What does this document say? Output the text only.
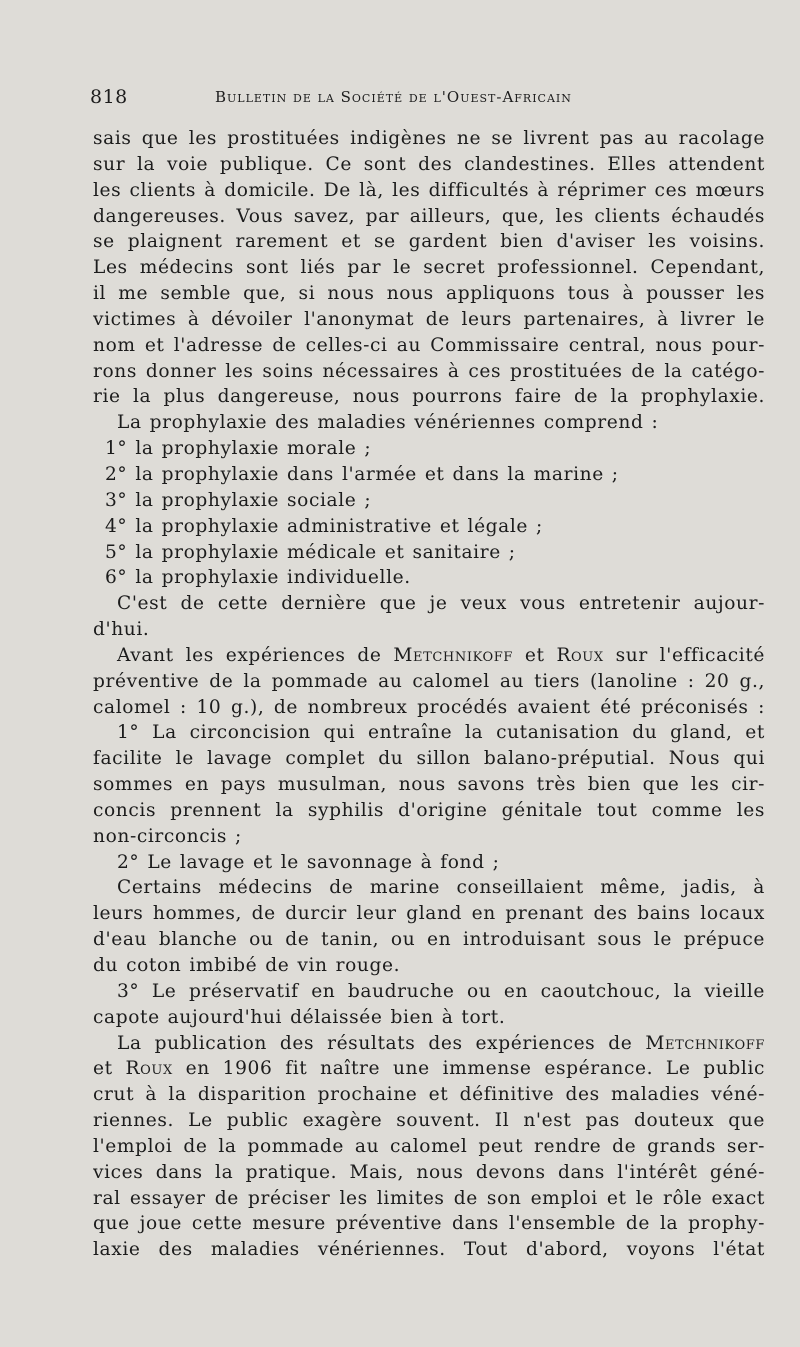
818	Bulletin de la Société de l'Ouest-Africain
sais que les prostituées indigènes ne se livrent pas au racolage
sur la voie publique. Ce sont des clandestines. Elles attendent
les clients à domicile. De là, les difficultés à réprimer ces mœurs
dangereuses. Vous savez, par ailleurs, que, les clients échaudés
se plaignent rarement et se gardent bien d'aviser les voisins.
Les médecins sont liés par le secret professionnel. Cependant,
il me semble que, si nous nous appliquons tous à pousser les
victimes à dévoiler l'anonymat de leurs partenaires, à livrer le
nom et l'adresse de celles-ci au Commissaire central, nous pour-
rons donner les soins nécessaires à ces prostituées de la catégo-
rie la plus dangereuse, nous pourrons faire de la prophylaxie.
La prophylaxie des maladies vénériennes comprend :
1° la prophylaxie morale ;
2° la prophylaxie dans l'armée et dans la marine ;
3° la prophylaxie sociale ;
4° la prophylaxie administrative et légale ;
5° la prophylaxie médicale et sanitaire ;
6° la prophylaxie individuelle.
C'est de cette dernière que je veux vous entretenir aujour-
d'hui.
Avant les expériences de Metchnikoff et Roux sur l'efficacité
préventive de la pommade au calomel au tiers (lanoline : 20 g.,
calomel : 10 g.), de nombreux procédés avaient été préconisés :
1° La circoncision qui entraîne la cutanisation du gland, et
facilite le lavage complet du sillon balano-préputial. Nous qui
sommes en pays musulman, nous savons très bien que les cir-
concis prennent la syphilis d'origine génitale tout comme les
non-circoncis ;
2° Le lavage et le savonnage à fond ;
Certains médecins de marine conseillaient même, jadis, à
leurs hommes, de durcir leur gland en prenant des bains locaux
d'eau blanche ou de tanin, ou en introduisant sous le prépuce
du coton imbibé de vin rouge.
3° Le préservatif en baudruche ou en caoutchouc, la vieille
capote aujourd'hui délaissée bien à tort.
La publication des résultats des expériences de Metchnikoff
et Roux en 1906 fit naître une immense espérance. Le public
crut à la disparition prochaine et définitive des maladies véné-
riennes. Le public exagère souvent. Il n'est pas douteux que
l'emploi de la pommade au calomel peut rendre de grands ser-
vices dans la pratique. Mais, nous devons dans l'intérêt géné-
ral essayer de préciser les limites de son emploi et le rôle exact
que joue cette mesure préventive dans l'ensemble de la prophy-
laxie des maladies vénériennes. Tout d'abord, voyons l'état
